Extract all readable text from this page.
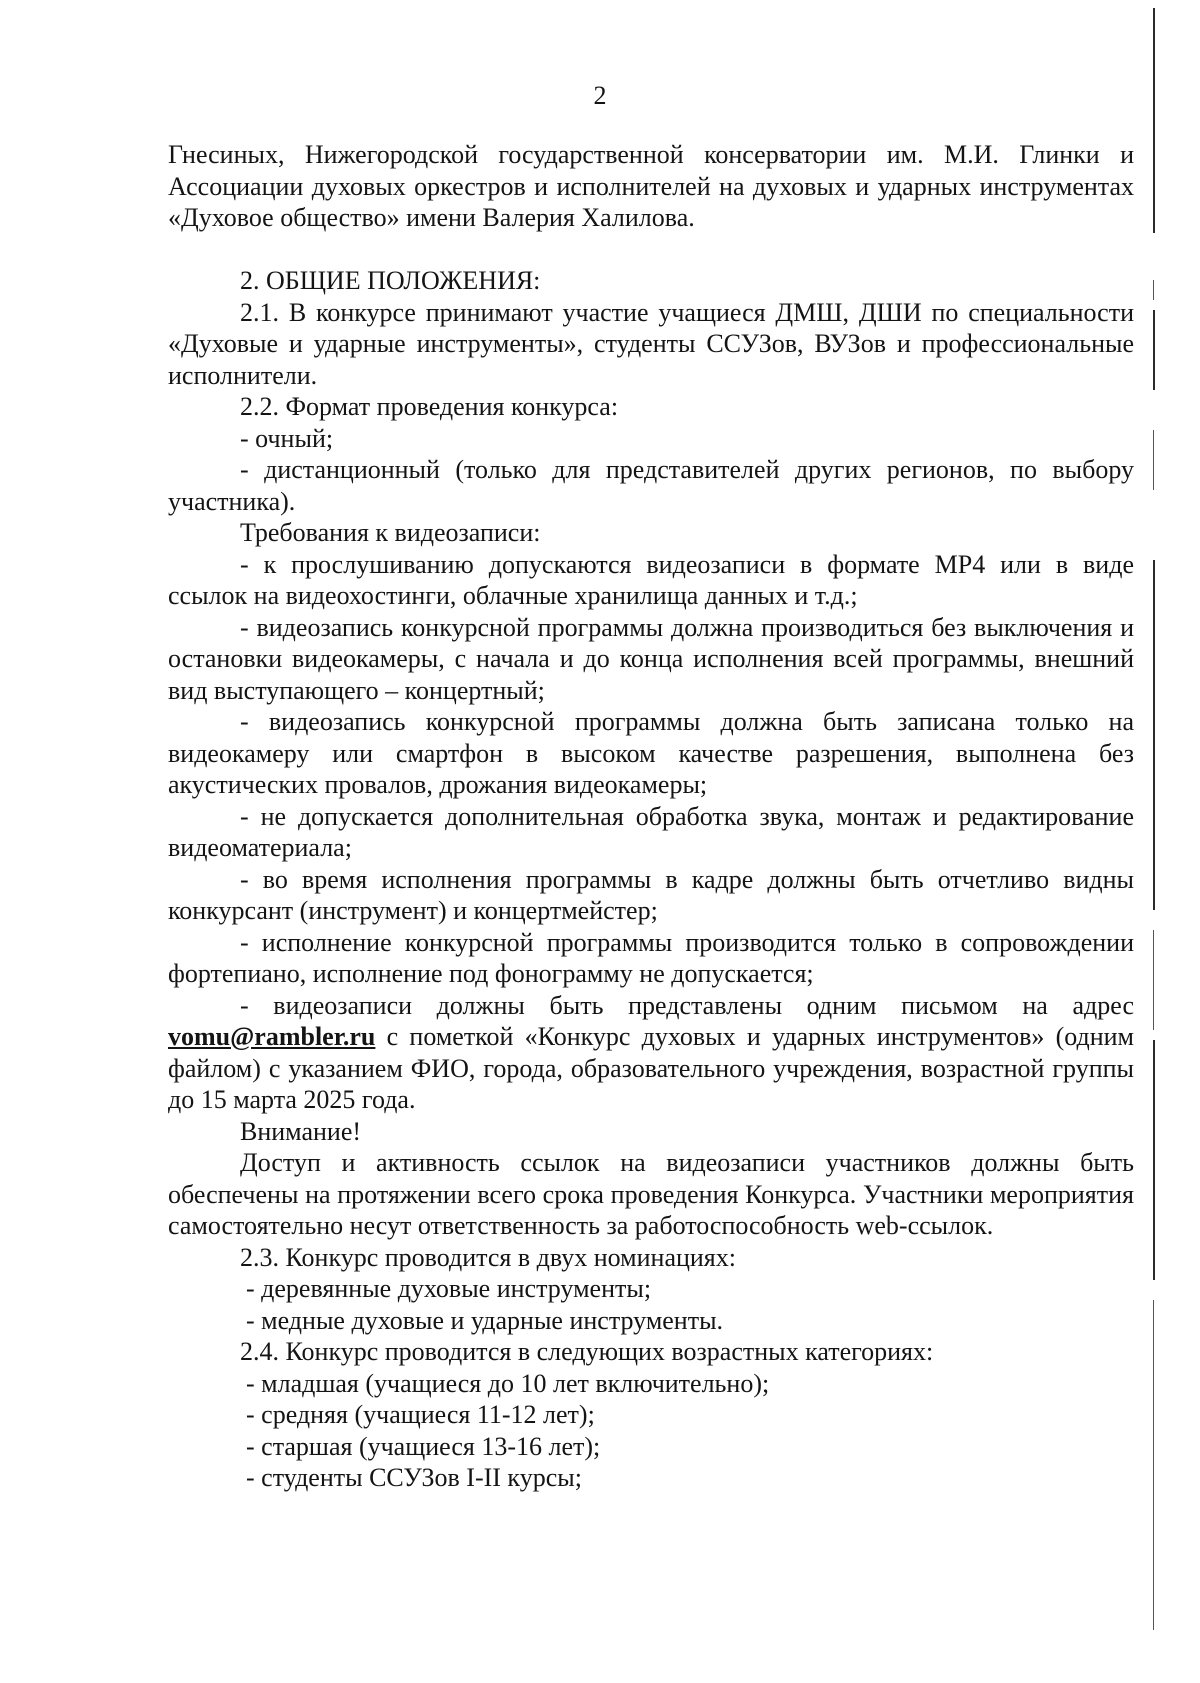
2

Гнесиных, Нижегородской государственной консерватории им. М.И. Глинки и Ассоциации духовых оркестров и исполнителей на духовых и ударных инструментах «Духовое общество» имени Валерия Халилова.

2. ОБЩИЕ ПОЛОЖЕНИЯ:

2.1. В конкурсе принимают участие учащиеся ДМШ, ДШИ по специальности «Духовые и ударные инструменты», студенты ССУЗов, ВУЗов и профессиональные исполнители.

2.2. Формат проведения конкурса:

- очный;

- дистанционный (только для представителей других регионов, по выбору участника).

Требования к видеозаписи:

- к прослушиванию допускаются видеозаписи в формате MP4 или в виде ссылок на видеохостинги, облачные хранилища данных и т.д.;

- видеозапись конкурсной программы должна производиться без выключения и остановки видеокамеры, с начала и до конца исполнения всей программы, внешний вид выступающего – концертный;

- видеозапись конкурсной программы должна быть записана только на видеокамеру или смартфон в высоком качестве разрешения, выполнена без акустических провалов, дрожания видеокамеры;

- не допускается дополнительная обработка звука, монтаж и редактирование видеоматериала;

- во время исполнения программы в кадре должны быть отчетливо видны конкурсант (инструмент) и концертмейстер;

- исполнение конкурсной программы производится только в сопровождении фортепиано, исполнение под фонограмму не допускается;

- видеозаписи должны быть представлены одним письмом на адрес vomu@rambler.ru с пометкой «Конкурс духовых и ударных инструментов» (одним файлом) с указанием ФИО, города, образовательного учреждения, возрастной группы до 15 марта 2025 года.

Внимание!

Доступ и активность ссылок на видеозаписи участников должны быть обеспечены на протяжении всего срока проведения Конкурса. Участники мероприятия самостоятельно несут ответственность за работоспособность web-ссылок.

2.3. Конкурс проводится в двух номинациях:

- деревянные духовые инструменты;

- медные духовые и ударные инструменты.

2.4. Конкурс проводится в следующих возрастных категориях:

- младшая (учащиеся до 10 лет включительно);

- средняя (учащиеся 11-12 лет);

- старшая (учащиеся 13-16 лет);

- студенты ССУЗов I-II курсы;
